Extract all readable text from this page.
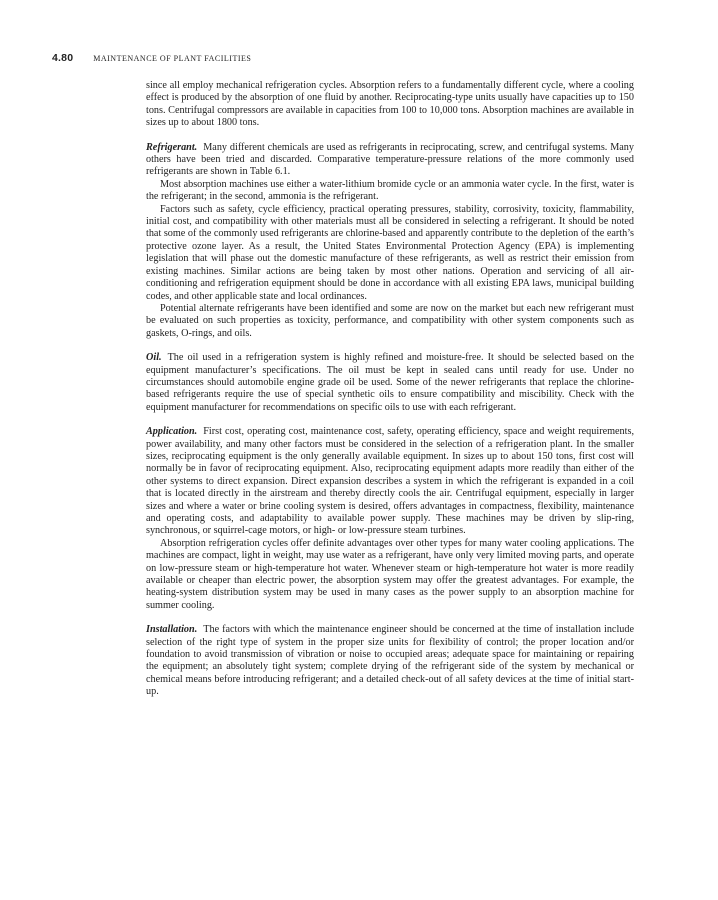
4.80	MAINTENANCE OF PLANT FACILITIES

since all employ mechanical refrigeration cycles. Absorption refers to a fundamentally different cycle, where a cooling effect is produced by the absorption of one fluid by another. Reciprocating-type units usually have capacities up to 150 tons. Centrifugal compressors are available in capacities from 100 to 10,000 tons. Absorption machines are available in sizes up to about 1800 tons.

Refrigerant. Many different chemicals are used as refrigerants in reciprocating, screw, and centrifugal systems. Many others have been tried and discarded. Comparative temperature-pressure relations of the more commonly used refrigerants are shown in Table 6.1.

Most absorption machines use either a water-lithium bromide cycle or an ammonia water cycle. In the first, water is the refrigerant; in the second, ammonia is the refrigerant.

Factors such as safety, cycle efficiency, practical operating pressures, stability, corrosivity, toxicity, flammability, initial cost, and compatibility with other materials must all be considered in selecting a refrigerant. It should be noted that some of the commonly used refrigerants are chlorine-based and apparently contribute to the depletion of the earth’s protective ozone layer. As a result, the United States Environmental Protection Agency (EPA) is implementing legislation that will phase out the domestic manufacture of these refrigerants, as well as restrict their emission from existing machines. Similar actions are being taken by most other nations. Operation and servicing of all air-conditioning and refrigeration equipment should be done in accordance with all existing EPA laws, municipal building codes, and other applicable state and local ordinances.

Potential alternate refrigerants have been identified and some are now on the market but each new refrigerant must be evaluated on such properties as toxicity, performance, and compatibility with other system components such as gaskets, O-rings, and oils.

Oil. The oil used in a refrigeration system is highly refined and moisture-free. It should be selected based on the equipment manufacturer’s specifications. The oil must be kept in sealed cans until ready for use. Under no circumstances should automobile engine grade oil be used. Some of the newer refrigerants that replace the chlorine-based refrigerants require the use of special synthetic oils to ensure compatibility and miscibility. Check with the equipment manufacturer for recommendations on specific oils to use with each refrigerant.

Application. First cost, operating cost, maintenance cost, safety, operating efficiency, space and weight requirements, power availability, and many other factors must be considered in the selection of a refrigeration plant. In the smaller sizes, reciprocating equipment is the only generally available equipment. In sizes up to about 150 tons, first cost will normally be in favor of reciprocating equipment. Also, reciprocating equipment adapts more readily than either of the other systems to direct expansion. Direct expansion describes a system in which the refrigerant is expanded in a coil that is located directly in the airstream and thereby directly cools the air. Centrifugal equipment, especially in larger sizes and where a water or brine cooling system is desired, offers advantages in compactness, flexibility, maintenance and operating costs, and adaptability to available power supply. These machines may be driven by slip-ring, synchronous, or squirrel-cage motors, or high- or low-pressure steam turbines.

Absorption refrigeration cycles offer definite advantages over other types for many water cooling applications. The machines are compact, light in weight, may use water as a refrigerant, have only very limited moving parts, and operate on low-pressure steam or high-temperature hot water. Whenever steam or high-temperature hot water is more readily available or cheaper than electric power, the absorption system may offer the greatest advantages. For example, the heating-system distribution system may be used in many cases as the power supply to an absorption machine for summer cooling.

Installation. The factors with which the maintenance engineer should be concerned at the time of installation include selection of the right type of system in the proper size units for flexibility of control; the proper location and/or foundation to avoid transmission of vibration or noise to occupied areas; adequate space for maintaining or repairing the equipment; an absolutely tight system; complete drying of the refrigerant side of the system by mechanical or chemical means before introducing refrigerant; and a detailed check-out of all safety devices at the time of initial start-up.
